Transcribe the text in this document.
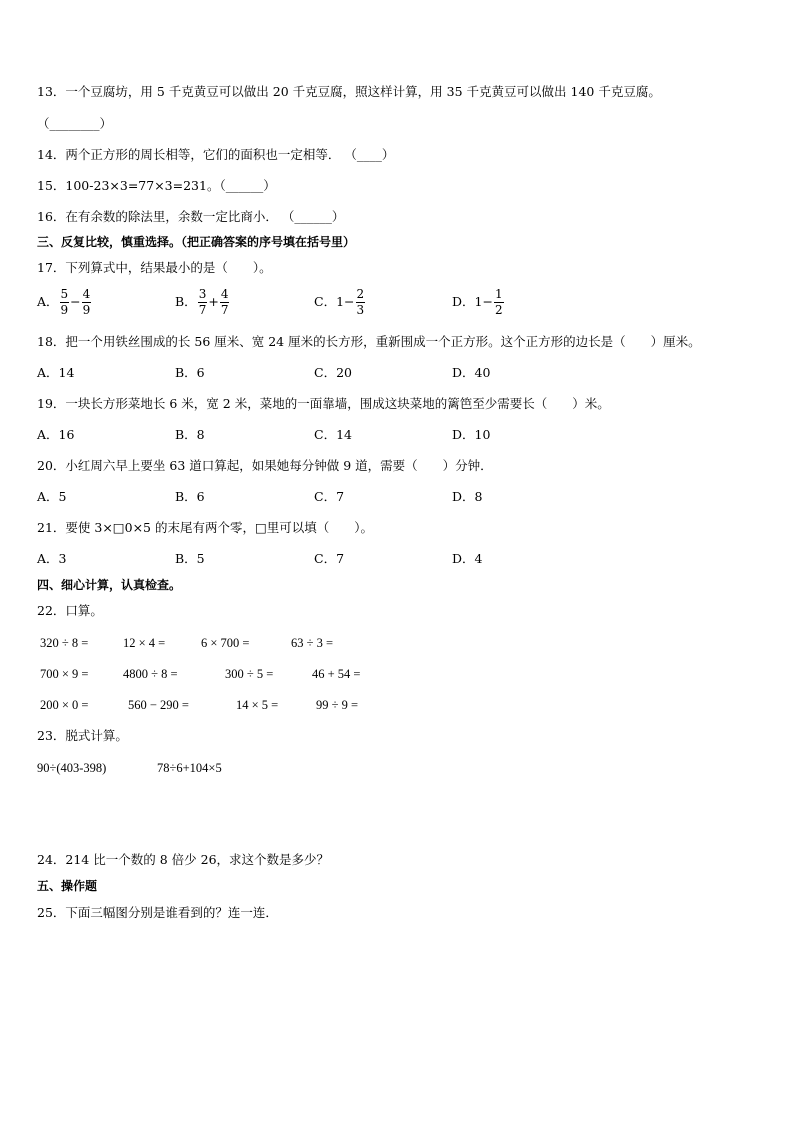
13．一个豆腐坊，用 5 千克黄豆可以做出 20 千克豆腐，照这样计算，用 35 千克黄豆可以做出 140 千克豆腐。
（________）
14．两个正方形的周长相等，它们的面积也一定相等． （____）
15．100-23×3=77×3=231。（______）
16．在有余数的除法里，余数一定比商小． （______）
三、反复比较，慎重选择。（把正确答案的序号填在括号里）
17．下列算式中，结果最小的是（　　）。
A． $\frac{5}{9} - \frac{4}{9}$	B． $\frac{3}{7} + \frac{4}{7}$	C．$1- \frac{2}{3}$	D．$1- \frac{1}{2}$
18．把一个用铁丝围成的长 56 厘米、宽 24 厘米的长方形，重新围成一个正方形。这个正方形的边长是（　　）厘米。
A．14	B．6	C．20	D．40
19．一块长方形菜地长 6 米，宽 2 米，菜地的一面靠墙，围成这块菜地的篱笆至少需要长（　　）米。
A．16	B．8	C．14	D．10
20．小红周六早上要坐 63 道口算起，如果她每分钟做 9 道，需要（　　）分钟．
A．5	B．6	C．7	D．8
21．要使 3×□0×5 的末尾有两个零，□里可以填（　　）。
A．3	B．5	C．7	D．4
四、细心计算，认真检查。
22．口算。
320 ÷ 8 =	12 × 4 =	6 × 700 =	63 ÷ 3 =
700 × 9 =	4800 ÷ 8 =	300 ÷ 5 =	46 + 54 =
200 × 0 =	560 − 290 =	14 × 5 =	99 ÷ 9 =
23．脱式计算。
90÷(403-398)	78÷6+104×5
24．214 比一个数的 8 倍少 26，求这个数是多少？
五、操作题
25．下面三幅图分别是谁看到的？连一连．
